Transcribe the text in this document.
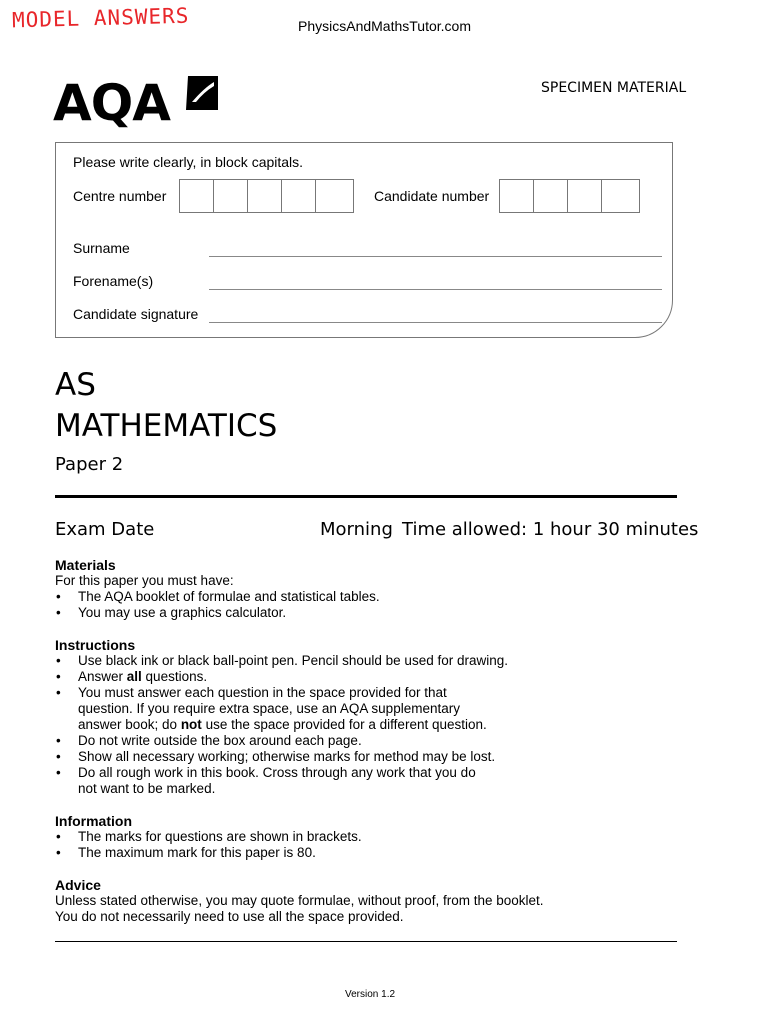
MODEL ANSWERS	PhysicsAndMathsTutor.com
AQA	SPECIMEN MATERIAL
Please write clearly, in block capitals.
Centre number	Candidate number
Surname
Forename(s)
Candidate signature
AS
MATHEMATICS
Paper 2
Exam Date	Morning Time allowed: 1 hour 30 minutes
Materials
For this paper you must have:
• The AQA booklet of formulae and statistical tables.
• You may use a graphics calculator.
Instructions
• Use black ink or black ball-point pen. Pencil should be used for drawing.
• Answer all questions.
• You must answer each question in the space provided for that
question. If you require extra space, use an AQA supplementary
answer book; do not use the space provided for a different question.
• Do not write outside the box around each page.
• Show all necessary working; otherwise marks for method may be lost.
• Do all rough work in this book. Cross through any work that you do
not want to be marked.
Information
• The marks for questions are shown in brackets.
• The maximum mark for this paper is 80.
Advice
Unless stated otherwise, you may quote formulae, without proof, from the booklet.
You do not necessarily need to use all the space provided.
Version 1.2
